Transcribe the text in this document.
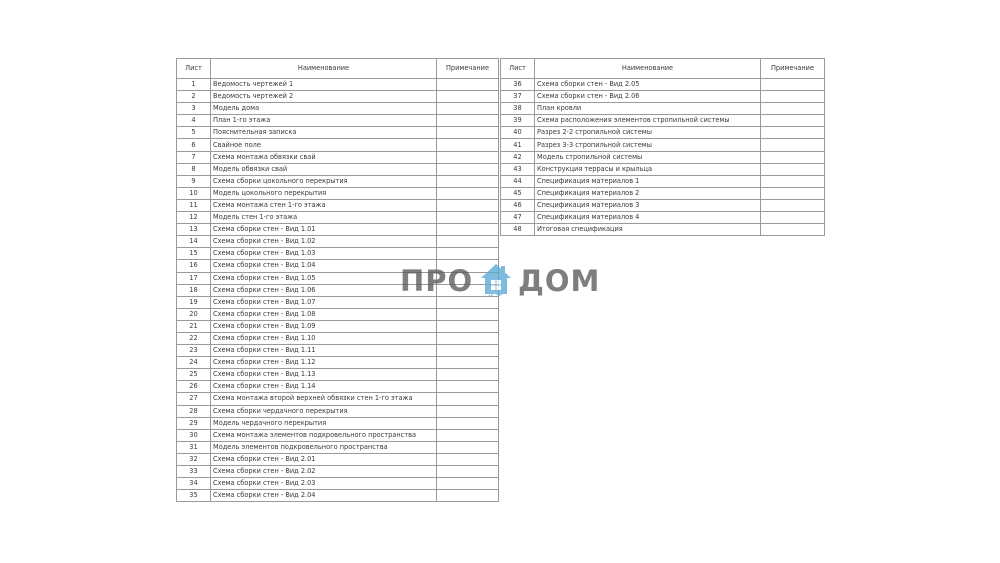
Лист	Наименование	Примечание
1	Ведомость чертежей 1	
2	Ведомость чертежей 2	
3	Модель дома	
4	План 1-го этажа	
5	Пояснительная записка	
6	Свайное поле	
7	Схема монтажа обвязки свай	
8	Модель обвязки свай	
9	Схема сборки цокольного перекрытия	
10	Модель цокольного перекрытия	
11	Схема монтажа стен 1-го этажа	
12	Модель стен 1-го этажа	
13	Схема сборки стен - Вид 1.01	
14	Схема сборки стен - Вид 1.02	
15	Схема сборки стен - Вид 1.03	
16	Схема сборки стен - Вид 1.04	
17	Схема сборки стен - Вид 1.05	
18	Схема сборки стен - Вид 1.06	
19	Схема сборки стен - Вид 1.07	
20	Схема сборки стен - Вид 1.08	
21	Схема сборки стен - Вид 1.09	
22	Схема сборки стен - Вид 1.10	
23	Схема сборки стен - Вид 1.11	
24	Схема сборки стен - Вид 1.12	
25	Схема сборки стен - Вид 1.13	
26	Схема сборки стен - Вид 1.14	
27	Схема монтажа второй верхней обвязки стен 1-го этажа	
28	Схема сборки чердачного перекрытия	
29	Модель чердачного перекрытия	
30	Схема монтажа элементов подкровельного пространства	
31	Модель элементов подкровельного пространства	
32	Схема сборки стен - Вид 2.01	
33	Схема сборки стен - Вид 2.02	
34	Схема сборки стен - Вид 2.03	
35	Схема сборки стен - Вид 2.04	
Лист	Наименование	Примечание
36	Схема сборки стен - Вид 2.05	
37	Схема сборки стен - Вид 2.06	
38	План кровли	
39	Схема расположения элементов стропильной системы	
40	Разрез 2-2 стропильной системы	
41	Разрез 3-3 стропильной системы	
42	Модель стропильной системы	
43	Конструкция террасы и крыльца	
44	Спецификация материалов 1	
45	Спецификация материалов 2	
46	Спецификация материалов 3	
47	Спецификация материалов 4	
48	Итоговая спецификация	
ПРО .РФ ДОМ
